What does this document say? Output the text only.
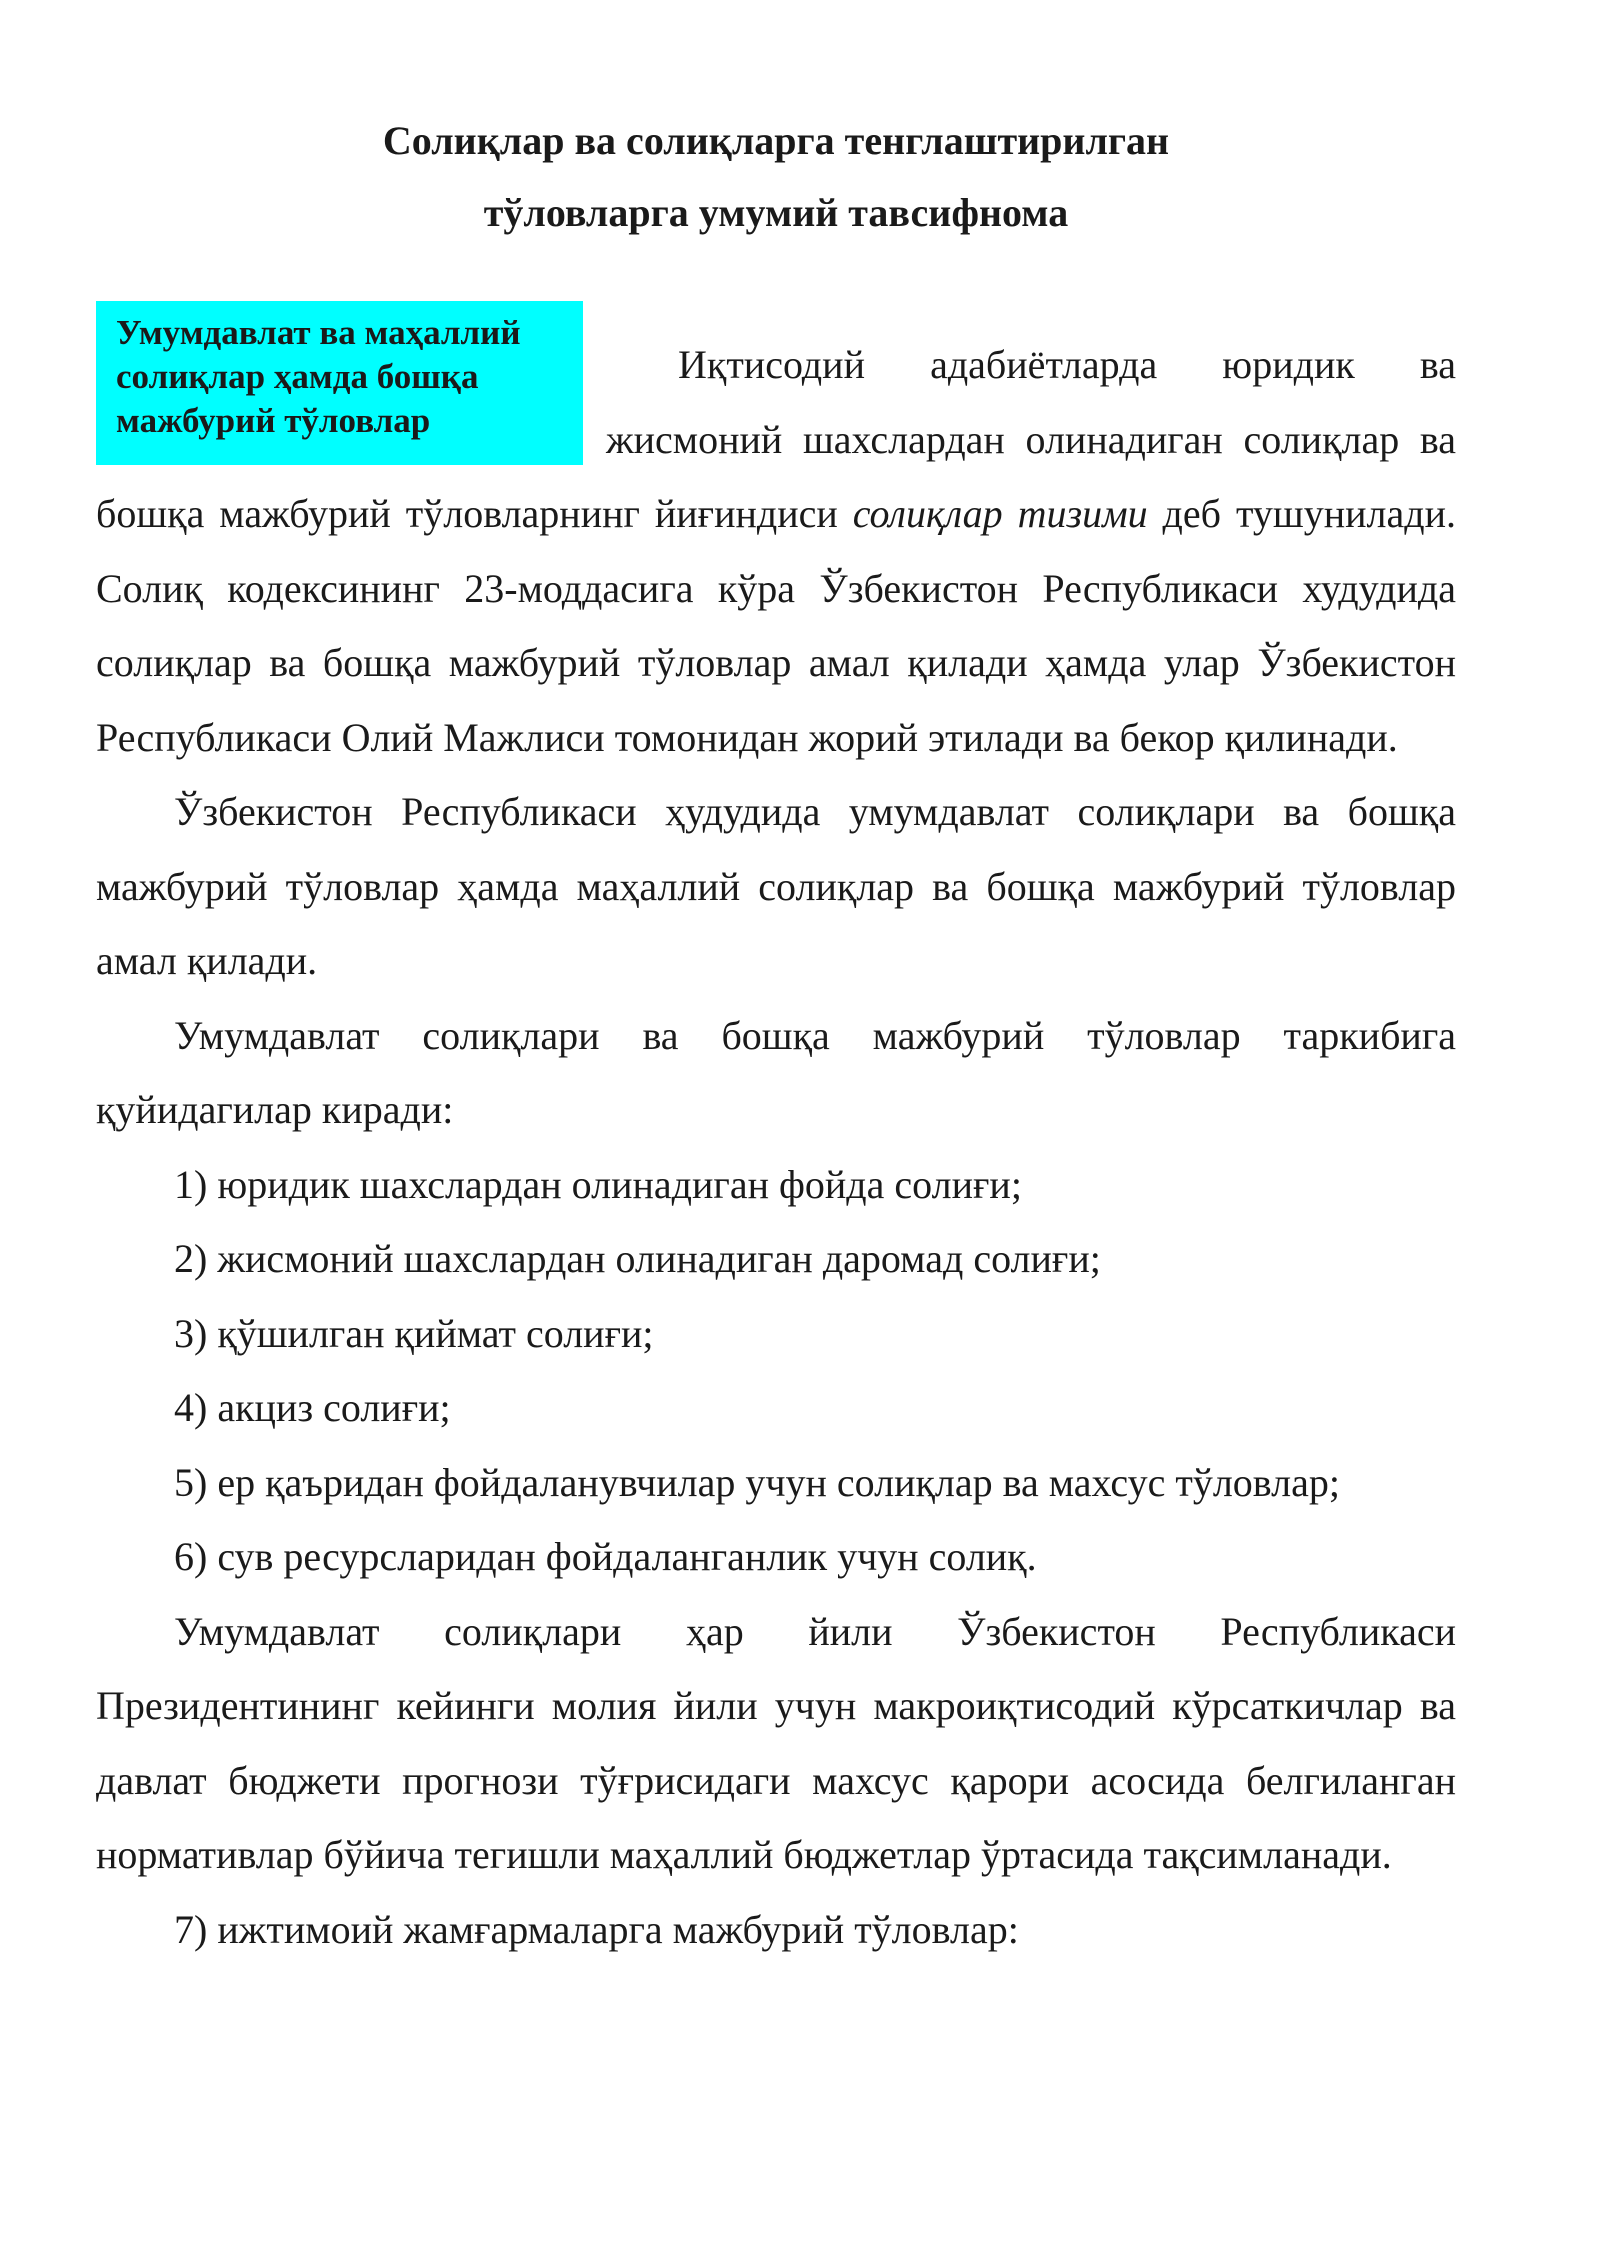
Солиқлар ва солиқларга тенглаштирилган
тўловларга умумий тавсифнома
Умумдавлат ва маҳаллий
солиқлар ҳамда бошқа
мажбурий тўловлар

Иқтисодий адабиётларда юридик ва жисмоний шахслардан олинадиган солиқлар ва бошқа мажбурий тўловларнинг йиғиндиси солиқлар тизими деб тушунилади. Солиқ кодексининг 23-моддасига кўра Ўзбекистон Республикаси худудида солиқлар ва бошқа мажбурий тўловлар амал қилади ҳамда улар Ўзбекистон Республикаси Олий Мажлиси томонидан жорий этилади ва бекор қилинади.

Ўзбекистон Республикаси ҳудудида умумдавлат солиқлари ва бошқа мажбурий тўловлар ҳамда маҳаллий солиқлар ва бошқа мажбурий тўловлар амал қилади.

Умумдавлат солиқлари ва бошқа мажбурий тўловлар таркибига қуйидагилар киради:

1) юридик шахслардан олинадиган фойда солиғи;

2) жисмоний шахслардан олинадиган даромад солиғи;

3) қўшилган қиймат солиғи;

4) акциз солиғи;

5) ер қаъридан фойдаланувчилар учун солиқлар ва махсус тўловлар;

6) сув ресурсларидан фойдаланганлик учун солиқ.

Умумдавлат солиқлари ҳар йили Ўзбекистон Республикаси Президентининг кейинги молия йили учун макроиқтисодий кўрсаткичлар ва давлат бюджети прогнози тўғрисидаги махсус қарори асосида белгиланган нормативлар бўйича тегишли маҳаллий бюджетлар ўртасида тақсимланади.

7) ижтимоий жамғармаларга мажбурий тўловлар:
